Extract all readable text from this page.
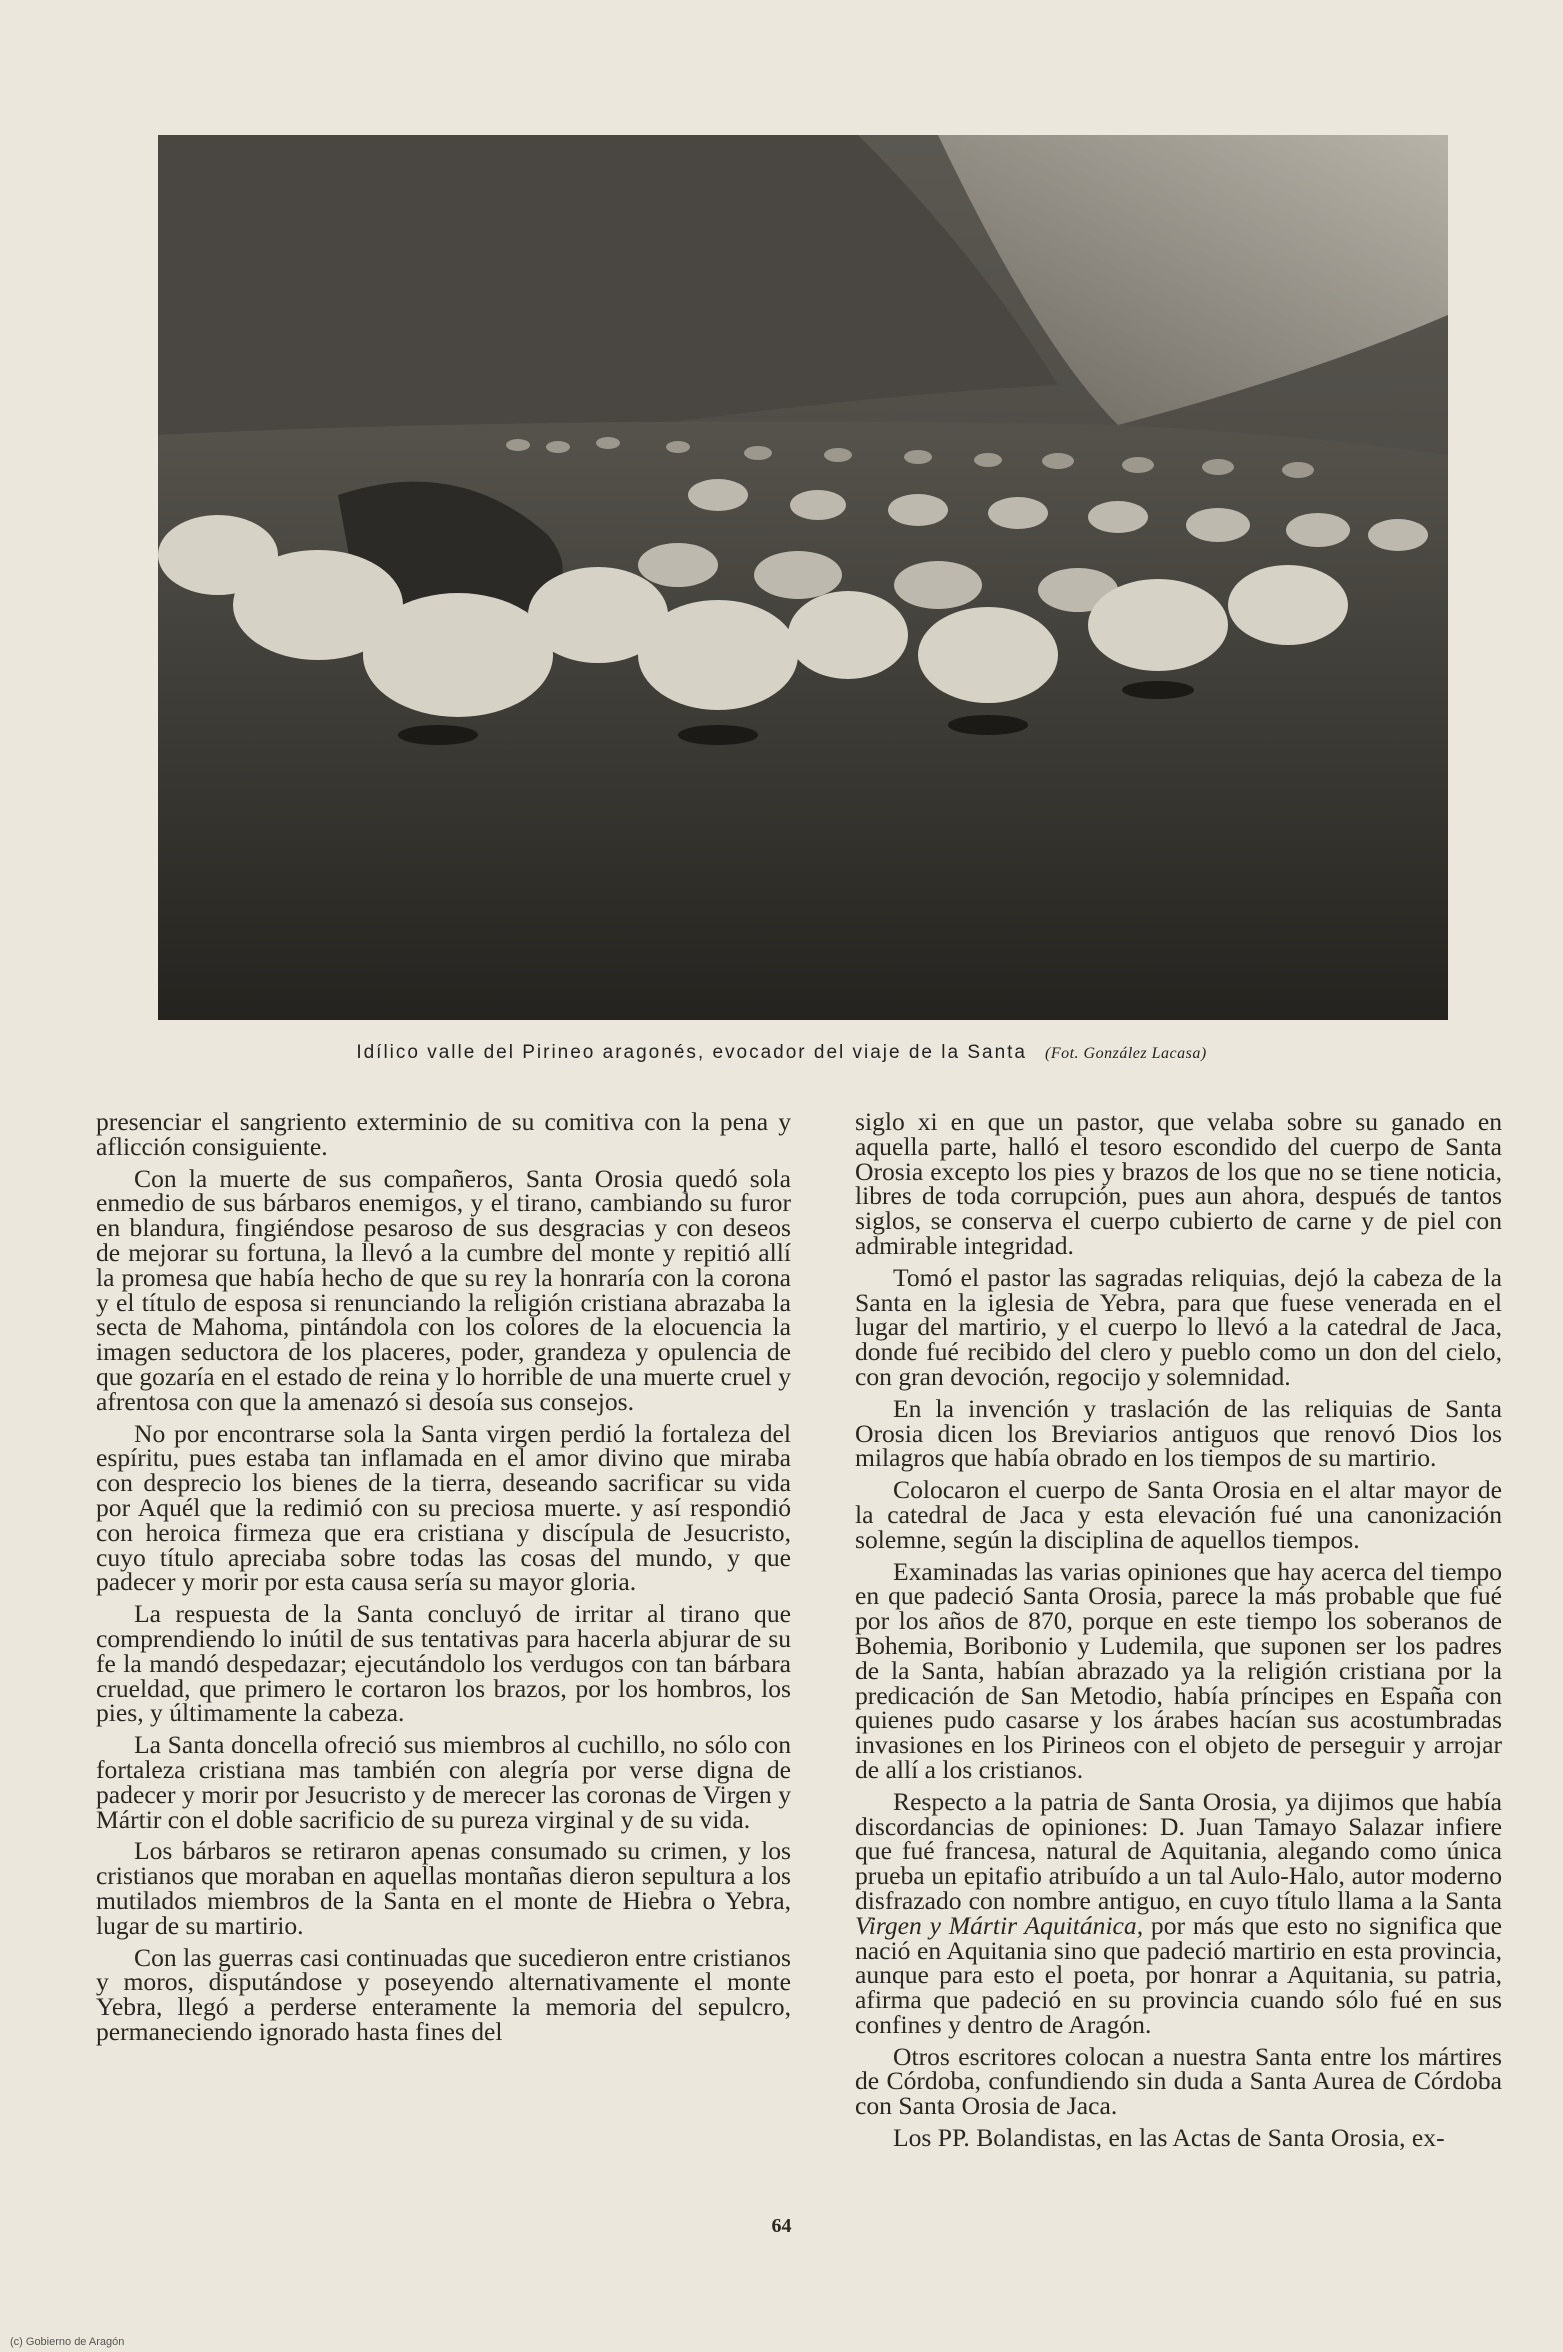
Idílico valle del Pirineo aragonés, evocador del viaje de la Santa (Fot. González Lacasa)

presenciar el sangriento exterminio de su comitiva con la pena y aflicción consiguiente.

Con la muerte de sus compañeros, Santa Orosia quedó sola enmedio de sus bárbaros enemigos, y el tirano, cambiando su furor en blandura, fingiéndose pesaroso de sus desgracias y con deseos de mejorar su fortuna, la llevó a la cumbre del monte y repitió allí la promesa que había hecho de que su rey la honraría con la corona y el título de esposa si renunciando la religión cristiana abrazaba la secta de Mahoma, pintándola con los colores de la elocuencia la imagen seductora de los placeres, poder, grandeza y opulencia de que gozaría en el estado de reina y lo horrible de una muerte cruel y afrentosa con que la amenazó si desoía sus consejos.

No por encontrarse sola la Santa virgen perdió la fortaleza del espíritu, pues estaba tan inflamada en el amor divino que miraba con desprecio los bienes de la tierra, deseando sacrificar su vida por Aquél que la redimió con su preciosa muerte. y así respondió con heroica firmeza que era cristiana y discípula de Jesucristo, cuyo título apreciaba sobre todas las cosas del mundo, y que padecer y morir por esta causa sería su mayor gloria.

La respuesta de la Santa concluyó de irritar al tirano que comprendiendo lo inútil de sus tentativas para hacerla abjurar de su fe la mandó despedazar; ejecutándolo los verdugos con tan bárbara crueldad, que primero le cortaron los brazos, por los hombros, los pies, y últimamente la cabeza.

La Santa doncella ofreció sus miembros al cuchillo, no sólo con fortaleza cristiana mas también con alegría por verse digna de padecer y morir por Jesucristo y de merecer las coronas de Virgen y Mártir con el doble sacrificio de su pureza virginal y de su vida.

Los bárbaros se retiraron apenas consumado su crimen, y los cristianos que moraban en aquellas montañas dieron sepultura a los mutilados miembros de la Santa en el monte de Hiebra o Yebra, lugar de su martirio.

Con las guerras casi continuadas que sucedieron entre cristianos y moros, disputándose y poseyendo alternativamente el monte Yebra, llegó a perderse enteramente la memoria del sepulcro, permaneciendo ignorado hasta fines del

siglo xi en que un pastor, que velaba sobre su ganado en aquella parte, halló el tesoro escondido del cuerpo de Santa Orosia excepto los pies y brazos de los que no se tiene noticia, libres de toda corrupción, pues aun ahora, después de tantos siglos, se conserva el cuerpo cubierto de carne y de piel con admirable integridad.

Tomó el pastor las sagradas reliquias, dejó la cabeza de la Santa en la iglesia de Yebra, para que fuese venerada en el lugar del martirio, y el cuerpo lo llevó a la catedral de Jaca, donde fué recibido del clero y pueblo como un don del cielo, con gran devoción, regocijo y solemnidad.

En la invención y traslación de las reliquias de Santa Orosia dicen los Breviarios antiguos que renovó Dios los milagros que había obrado en los tiempos de su martirio.

Colocaron el cuerpo de Santa Orosia en el altar mayor de la catedral de Jaca y esta elevación fué una canonización solemne, según la disciplina de aquellos tiempos.

Examinadas las varias opiniones que hay acerca del tiempo en que padeció Santa Orosia, parece la más probable que fué por los años de 870, porque en este tiempo los soberanos de Bohemia, Boribonio y Ludemila, que suponen ser los padres de la Santa, habían abrazado ya la religión cristiana por la predicación de San Metodio, había príncipes en España con quienes pudo casarse y los árabes hacían sus acostumbradas invasiones en los Pirineos con el objeto de perseguir y arrojar de allí a los cristianos.

Respecto a la patria de Santa Orosia, ya dijimos que había discordancias de opiniones: D. Juan Tamayo Salazar infiere que fué francesa, natural de Aquitania, alegando como única prueba un epitafio atribuído a un tal Aulo-Halo, autor moderno disfrazado con nombre antiguo, en cuyo título llama a la Santa Virgen y Mártir Aquitánica, por más que esto no significa que nació en Aquitania sino que padeció martirio en esta provincia, aunque para esto el poeta, por honrar a Aquitania, su patria, afirma que padeció en su provincia cuando sólo fué en sus confines y dentro de Aragón.

Otros escritores colocan a nuestra Santa entre los mártires de Córdoba, confundiendo sin duda a Santa Aurea de Córdoba con Santa Orosia de Jaca.

Los PP. Bolandistas, en las Actas de Santa Orosia, ex-

64
(c) Gobierno de Aragón
